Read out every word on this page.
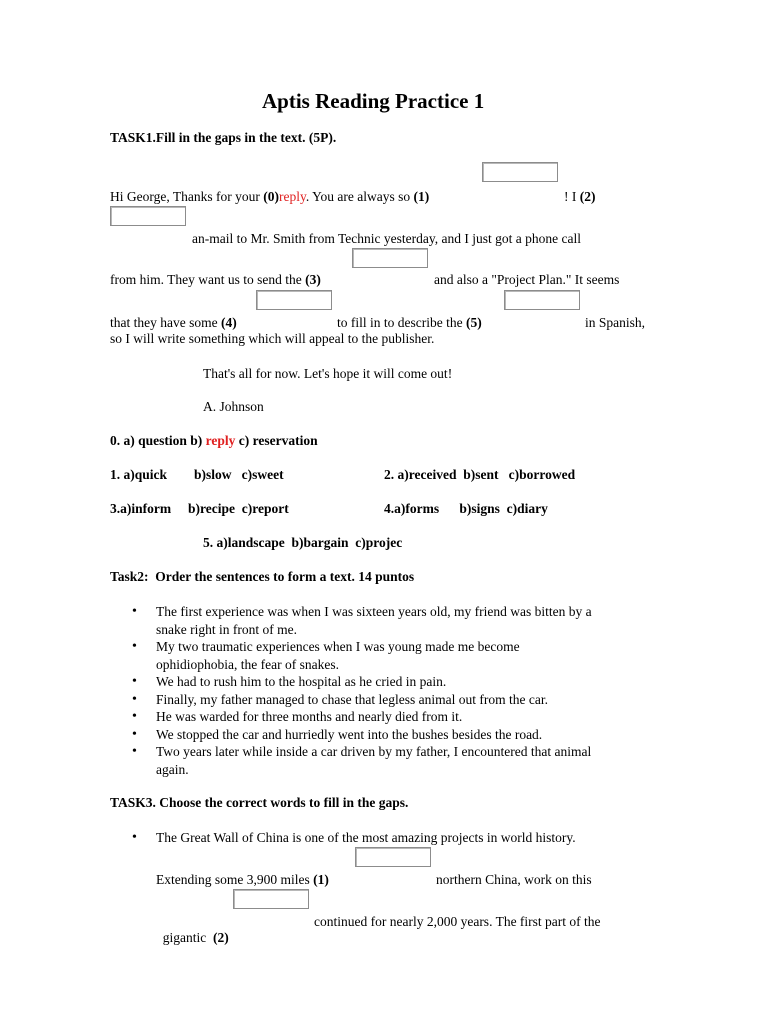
Aptis Reading Practice 1
TASK1.Fill in the gaps in the text. (5P).
Hi George, Thanks for your (0)reply. You are always so (1)	! I (2)
an-mail to Mr. Smith from Technic yesterday, and I just got a phone call
from him. They want us to send the (3)	and also a "Project Plan." It seems
that they have some (4)	to fill in to describe the (5)	in Spanish,
so I will write something which will appeal to the publisher.
That's all for now. Let's hope it will come out!
A. Johnson
0. a) question b) reply c) reservation
1. a)quick        b)slow   c)sweet	2. a)received  b)sent   c)borrowed
3.a)inform     b)recipe  c)report	4.a)forms      b)signs  c)diary
5. a)landscape  b)bargain  c)projec
Task2:  Order the sentences to form a text. 14 puntos
• The first experience was when I was sixteen years old, my friend was bitten by a
snake right in front of me.
• My two traumatic experiences when I was young made me become
ophidiophobia, the fear of snakes.
• We had to rush him to the hospital as he cried in pain.
• Finally, my father managed to chase that legless animal out from the car.
• He was warded for three months and nearly died from it.
• We stopped the car and hurriedly went into the bushes besides the road.
• Two years later while inside a car driven by my father, I encountered that animal
again.
TASK3. Choose the correct words to fill in the gaps.
• The Great Wall of China is one of the most amazing projects in world history.
Extending some 3,900 miles (1)	northern China, work on this

gigantic  (2)

continued for nearly 2,000 years. The first part of the
